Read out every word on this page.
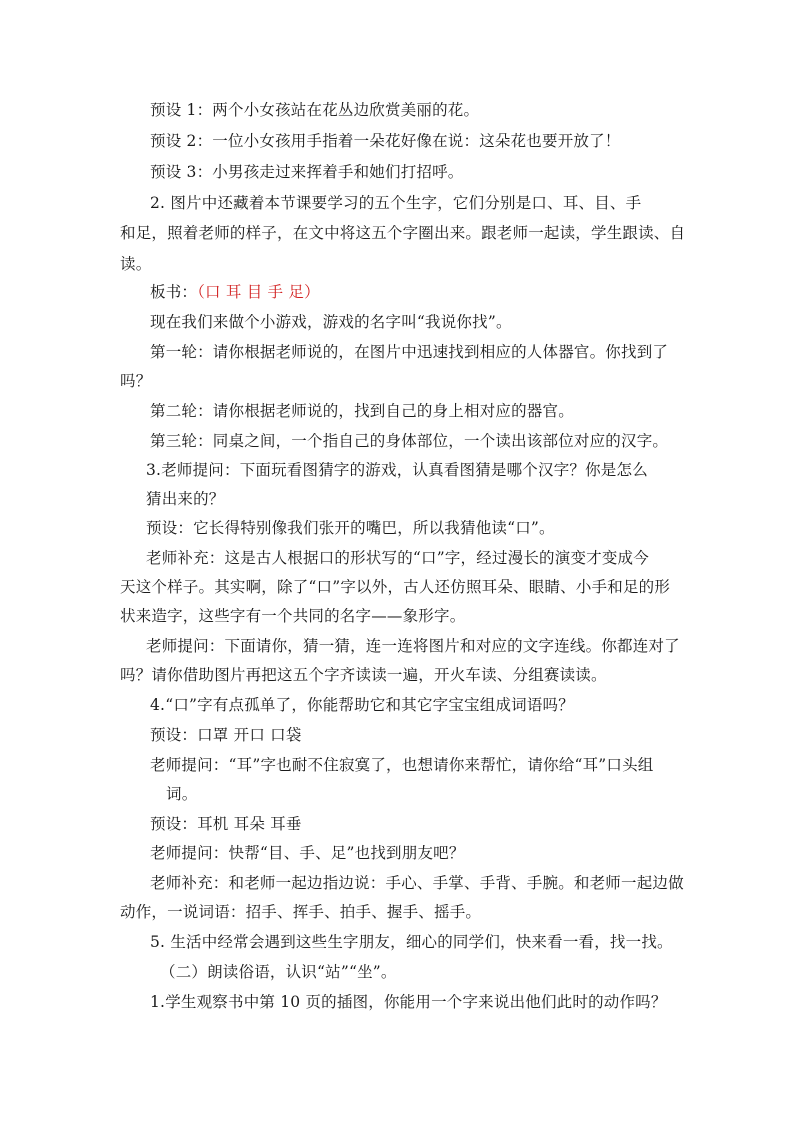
预设 1：两个小女孩站在花丛边欣赏美丽的花。
预设 2：一位小女孩用手指着一朵花好像在说：这朵花也要开放了！
预设 3：小男孩走过来挥着手和她们打招呼。
2. 图片中还藏着本节课要学习的五个生字，它们分别是口、耳、目、手
和足，照着老师的样子，在文中将这五个字圈出来。跟老师一起读，学生跟读、自
读。
板书：（口 耳 目 手 足）
现在我们来做个小游戏，游戏的名字叫“我说你找”。
第一轮：请你根据老师说的，在图片中迅速找到相应的人体器官。你找到了
吗？
第二轮：请你根据老师说的，找到自己的身上相对应的器官。
第三轮：同桌之间，一个指自己的身体部位，一个读出该部位对应的汉字。
3.老师提问：下面玩看图猜字的游戏，认真看图猜是哪个汉字？你是怎么
猜出来的？
预设：它长得特别像我们张开的嘴巴，所以我猜他读“口”。
老师补充：这是古人根据口的形状写的“口”字，经过漫长的演变才变成今
天这个样子。其实啊，除了“口”字以外，古人还仿照耳朵、眼睛、小手和足的形
状来造字，这些字有一个共同的名字——象形字。
老师提问：下面请你，猜一猜，连一连将图片和对应的文字连线。你都连对了
吗？请你借助图片再把这五个字齐读读一遍，开火车读、分组赛读读。
4.“口”字有点孤单了，你能帮助它和其它字宝宝组成词语吗？
预设：口罩 开口 口袋
老师提问：“耳”字也耐不住寂寞了，也想请你来帮忙，请你给“耳”口头组
词。
预设：耳机 耳朵 耳垂
老师提问：快帮“目、手、足”也找到朋友吧？
老师补充：和老师一起边指边说：手心、手掌、手背、手腕。和老师一起边做
动作，一说词语：招手、挥手、拍手、握手、摇手。
5. 生活中经常会遇到这些生字朋友，细心的同学们，快来看一看，找一找。
（二）朗读俗语，认识“站”“坐”。
1.学生观察书中第 10 页的插图，你能用一个字来说出他们此时的动作吗？
